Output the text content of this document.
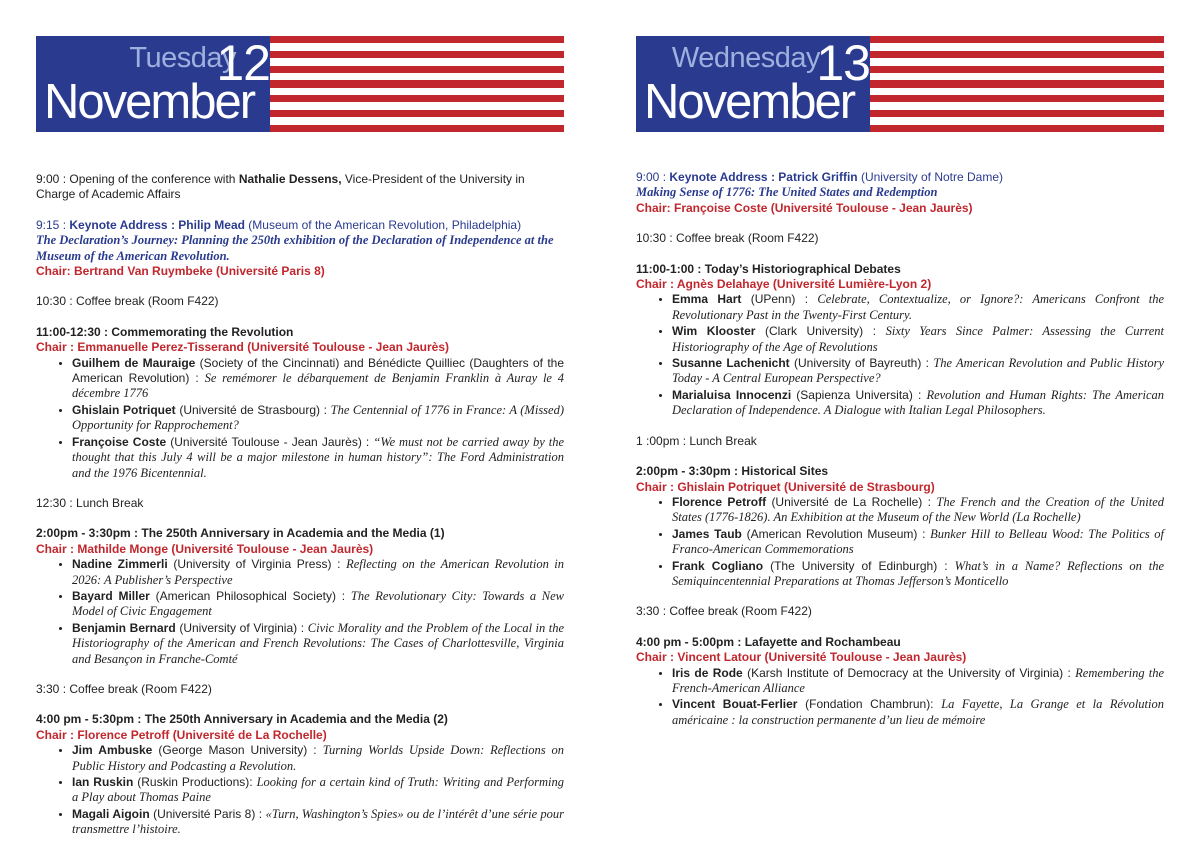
Tuesday
12
November
9:00 : Opening of the conference with Nathalie Dessens, Vice-President of the University in Charge of Academic Affairs
9:15 : Keynote Address : Philip Mead (Museum of the American Revolution, Philadelphia)
The Declaration’s Journey: Planning the 250th exhibition of the Declaration of Independence at the Museum of the American Revolution.
Chair: Bertrand Van Ruymbeke (Université Paris 8)
10:30 : Coffee break (Room F422)
11:00-12:30 : Commemorating the Revolution
Chair : Emmanuelle Perez-Tisserand (Université Toulouse - Jean Jaurès)
• Guilhem de Mauraige (Society of the Cincinnati) and Bénédicte Quilliec (Daughters of the American Revolution) : Se remémorer le débarquement de Benjamin Franklin à Auray le 4 décembre 1776
• Ghislain Potriquet (Université de Strasbourg) : The Centennial of 1776 in France: A (Missed) Opportunity for Rapprochement?
• Françoise Coste (Université Toulouse - Jean Jaurès) : “We must not be carried away by the thought that this July 4 will be a major milestone in human history”: The Ford Administration and the 1976 Bicentennial.
12:30 : Lunch Break
2:00pm - 3:30pm : The 250th Anniversary in Academia and the Media (1)
Chair : Mathilde Monge (Université Toulouse - Jean Jaurès)
• Nadine Zimmerli (University of Virginia Press) : Reflecting on the American Revolution in 2026: A Publisher’s Perspective
• Bayard Miller (American Philosophical Society) : The Revolutionary City: Towards a New Model of Civic Engagement
• Benjamin Bernard (University of Virginia) : Civic Morality and the Problem of the Local in the Historiography of the American and French Revolutions: The Cases of Charlottesville, Virginia and Besançon in Franche-Comté
3:30 : Coffee break (Room F422)
4:00 pm - 5:30pm : The 250th Anniversary in Academia and the Media (2)
Chair : Florence Petroff (Université de La Rochelle)
• Jim Ambuske (George Mason University) : Turning Worlds Upside Down: Reflections on Public History and Podcasting a Revolution.
• Ian Ruskin (Ruskin Productions): Looking for a certain kind of Truth: Writing and Performing a Play about Thomas Paine
• Magali Aigoin (Université Paris 8) : «Turn, Washington’s Spies» ou de l’intérêt d’une série pour transmettre l’histoire.
Wednesday
13
November
9:00 : Keynote Address : Patrick Griffin (University of Notre Dame)
Making Sense of 1776: The United States and Redemption
Chair: Françoise Coste (Université Toulouse - Jean Jaurès)
10:30 : Coffee break (Room F422)
11:00-1:00 : Today’s Historiographical Debates
Chair : Agnès Delahaye (Université Lumière-Lyon 2)
• Emma Hart (UPenn) : Celebrate, Contextualize, or Ignore?: Americans Confront the Revolutionary Past in the Twenty-First Century.
• Wim Klooster (Clark University) : Sixty Years Since Palmer: Assessing the Current Historiography of the Age of Revolutions
• Susanne Lachenicht (University of Bayreuth) : The American Revolution and Public History Today - A Central European Perspective?
• Marialuisa Innocenzi (Sapienza Universita) : Revolution and Human Rights: The American Declaration of Independence. A Dialogue with Italian Legal Philosophers.
1 :00pm : Lunch Break
2:00pm - 3:30pm : Historical Sites
Chair : Ghislain Potriquet (Université de Strasbourg)
• Florence Petroff (Université de La Rochelle) : The French and the Creation of the United States (1776-1826). An Exhibition at the Museum of the New World (La Rochelle)
• James Taub (American Revolution Museum) : Bunker Hill to Belleau Wood: The Politics of Franco-American Commemorations
• Frank Cogliano (The University of Edinburgh) : What’s in a Name? Reflections on the Semiquincentennial Preparations at Thomas Jefferson’s Monticello
3:30 : Coffee break (Room F422)
4:00 pm - 5:00pm : Lafayette and Rochambeau
Chair : Vincent Latour (Université Toulouse - Jean Jaurès)
• Iris de Rode (Karsh Institute of Democracy at the University of Virginia) : Remembering the French-American Alliance
• Vincent Bouat-Ferlier (Fondation Chambrun): La Fayette, La Grange et la Révolution américaine : la construction permanente d’un lieu de mémoire
